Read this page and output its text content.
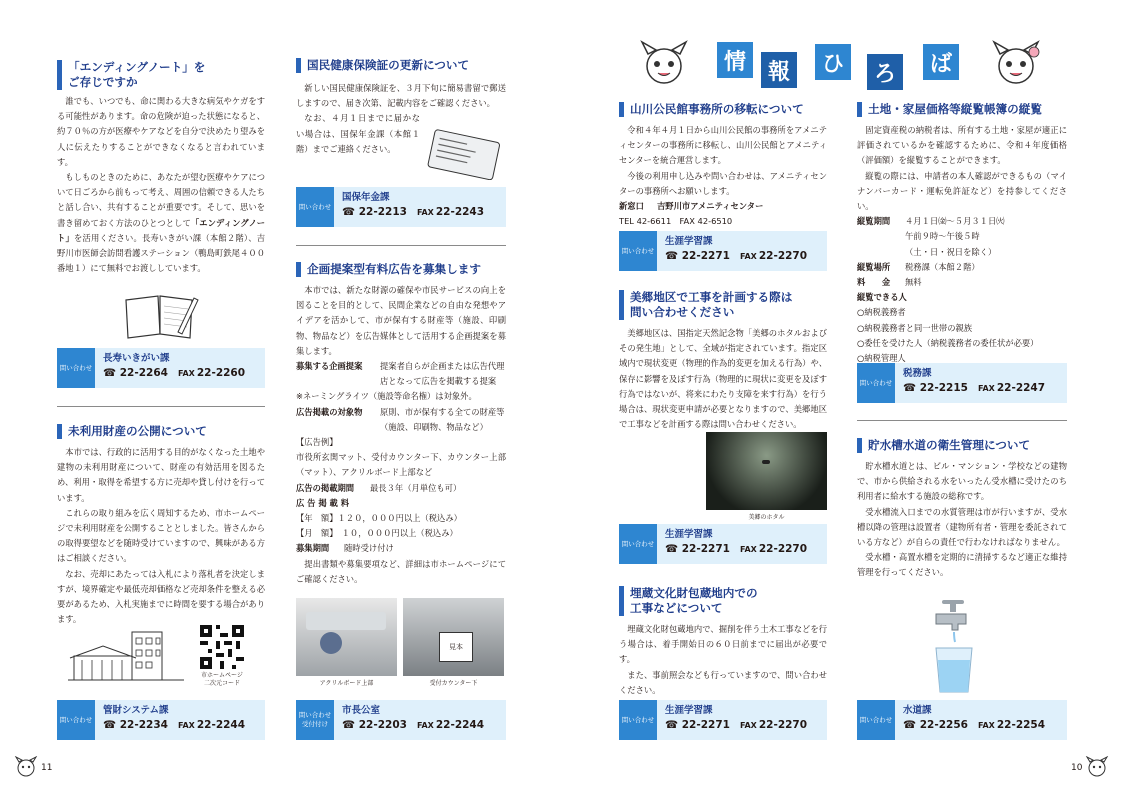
「エンディングノート」を
ご存じですか

誰でも、いつでも、命に関わる大きな病気やケガをする可能性があります。命の危険が迫った状態になると、約７０％の方が医療やケアなどを自分で決めたり望みを人に伝えたりすることができなくなると言われています。

もしものときのために、あなたが望む医療やケアについて日ごろから前もって考え、周囲の信頼できる人たちと話し合い、共有することが重要です。そして、思いを書き留めておく方法のひとつとして「エンディングノート」を活用ください。長寿いきがい課（本館２階）、吉野川市医師会訪問看護ステーション（鴨島町鉄尾４００番地１）にて無料でお渡ししています。

問い合わせ
長寿いきがい課
☎ 22-2264 FAX 22-2260
未利用財産の公開について

本市では、行政的に活用する目的がなくなった土地や建物の未利用財産について、財産の有効活用を図るため、利用・取得を希望する方に売却や貸し付けを行っています。

これらの取り組みを広く周知するため、市ホームページで未利用財産を公開することとしました。皆さんからの取得要望などを随時受けていますので、興味がある方はご相談ください。

なお、売却にあたっては入札により落札者を決定しますが、境界確定や最低売却価格など売却条件を整える必要があるため、入札実施までに時間を要する場合があります。

市ホームページ
二次元コード
問い合わせ
管財システム課
☎ 22-2234 FAX 22-2244
国民健康保険証の更新について

新しい国民健康保険証を、３月下旬に簡易書留で郵送しますので、届き次第、記載内容をご確認ください。

なお、４月１日までに届かない場合は、国保年金課（本館１階）までご連絡ください。

問い合わせ
国保年金課
☎ 22-2213 FAX 22-2243
企画提案型有料広告を募集します

本市では、新たな財源の確保や市民サービスの向上を図ることを目的として、民間企業などの自由な発想やアイデアを活かして、市が保有する財産等（施設、印刷物、物品など）を広告媒体として活用する企画提案を募集します。

募集する企画提案	提案者自らが企画または広告代理店となって広告を掲載する提案

※ネーミングライツ（施設等命名権）は対象外。

広告掲載の対象物	原則、市が保有する全ての財産等（施設、印刷物、物品など）

【広告例】

市役所玄関マット、受付カウンター下、カウンター上部（マット）、アクリルボード上部など

広告の掲載期間	最長３年（月単位も可）
広 告 掲 載 料

【年　額】１２０，０００円以上（税込み）

【月　額】　１０，０００円以上（税込み）

募集期間	随時受け付け

提出書類や募集要項など、詳細は市ホームページにてご確認ください。

見本
アクリルボード上部	受付カウンター下
問い合わせ
受付付け
市長公室
☎ 22-2203 FAX 22-2244
11
情 報	ひ	ろ	ば
山川公民館事務所の移転について

令和４年４月１日から山川公民館の事務所をアメニティセンターの事務所に移転し、山川公民館とアメニティセンターを統合運営します。

今後の利用申し込みや問い合わせは、アメニティセンターの事務所へお願いします。

新窓口	吉野川市アメニティセンター

TEL 42-6611　FAX 42-6510

問い合わせ
生涯学習課
☎ 22-2271 FAX 22-2270
美郷地区で工事を計画する際は
問い合わせください

美郷地区は、国指定天然記念物「美郷のホタルおよびその発生地」として、全域が指定されています。指定区域内で現状変更（物理的作為的変更を加える行為）や、保存に影響を及ぼす行為（物理的に現状に変更を及ぼす行為ではないが、将来にわたり支障を来す行為）を行う場合は、現状変更申請が必要となりますので、美郷地区で工事などを計画する際は問い合わせください。

美郷のホタル
問い合わせ
生涯学習課
☎ 22-2271 FAX 22-2270
埋蔵文化財包蔵地内での
工事などについて

埋蔵文化財包蔵地内で、掘削を伴う土木工事などを行う場合は、着手開始日の６０日前までに届出が必要です。

また、事前照会なども行っていますので、問い合わせください。

問い合わせ
生涯学習課
☎ 22-2271 FAX 22-2270
土地・家屋価格等縦覧帳簿の縦覧

固定資産税の納税者は、所有する土地・家屋が適正に評価されているかを確認するために、令和４年度価格（評価額）を縦覧することができます。

縦覧の際には、申請者の本人確認ができるもの（マイナンバーカード・運転免許証など）を持参してください。

縦覧期間	４月１日㈮～５月３１日㈫
午前９時～午後５時
（土・日・祝日を除く）
縦覧場所	税務課（本館２階）
料　　金	無料
縦覧できる人

○納税義務者

○納税義務者と同一世帯の親族

○委任を受けた人（納税義務者の委任状が必要）

○納税管理人

問い合わせ
税務課
☎ 22-2215 FAX 22-2247
貯水槽水道の衛生管理について

貯水槽水道とは、ビル・マンション・学校などの建物で、市から供給される水をいったん受水槽に受けたのち利用者に給水する施設の総称です。

受水槽流入口までの水質管理は市が行いますが、受水槽以降の管理は設置者（建物所有者・管理を委託されている方など）が自らの責任で行わなければなりません。

受水槽・高置水槽を定期的に清掃するなど適正な維持管理を行ってください。

問い合わせ
水道課
☎ 22-2256 FAX 22-2254
10
